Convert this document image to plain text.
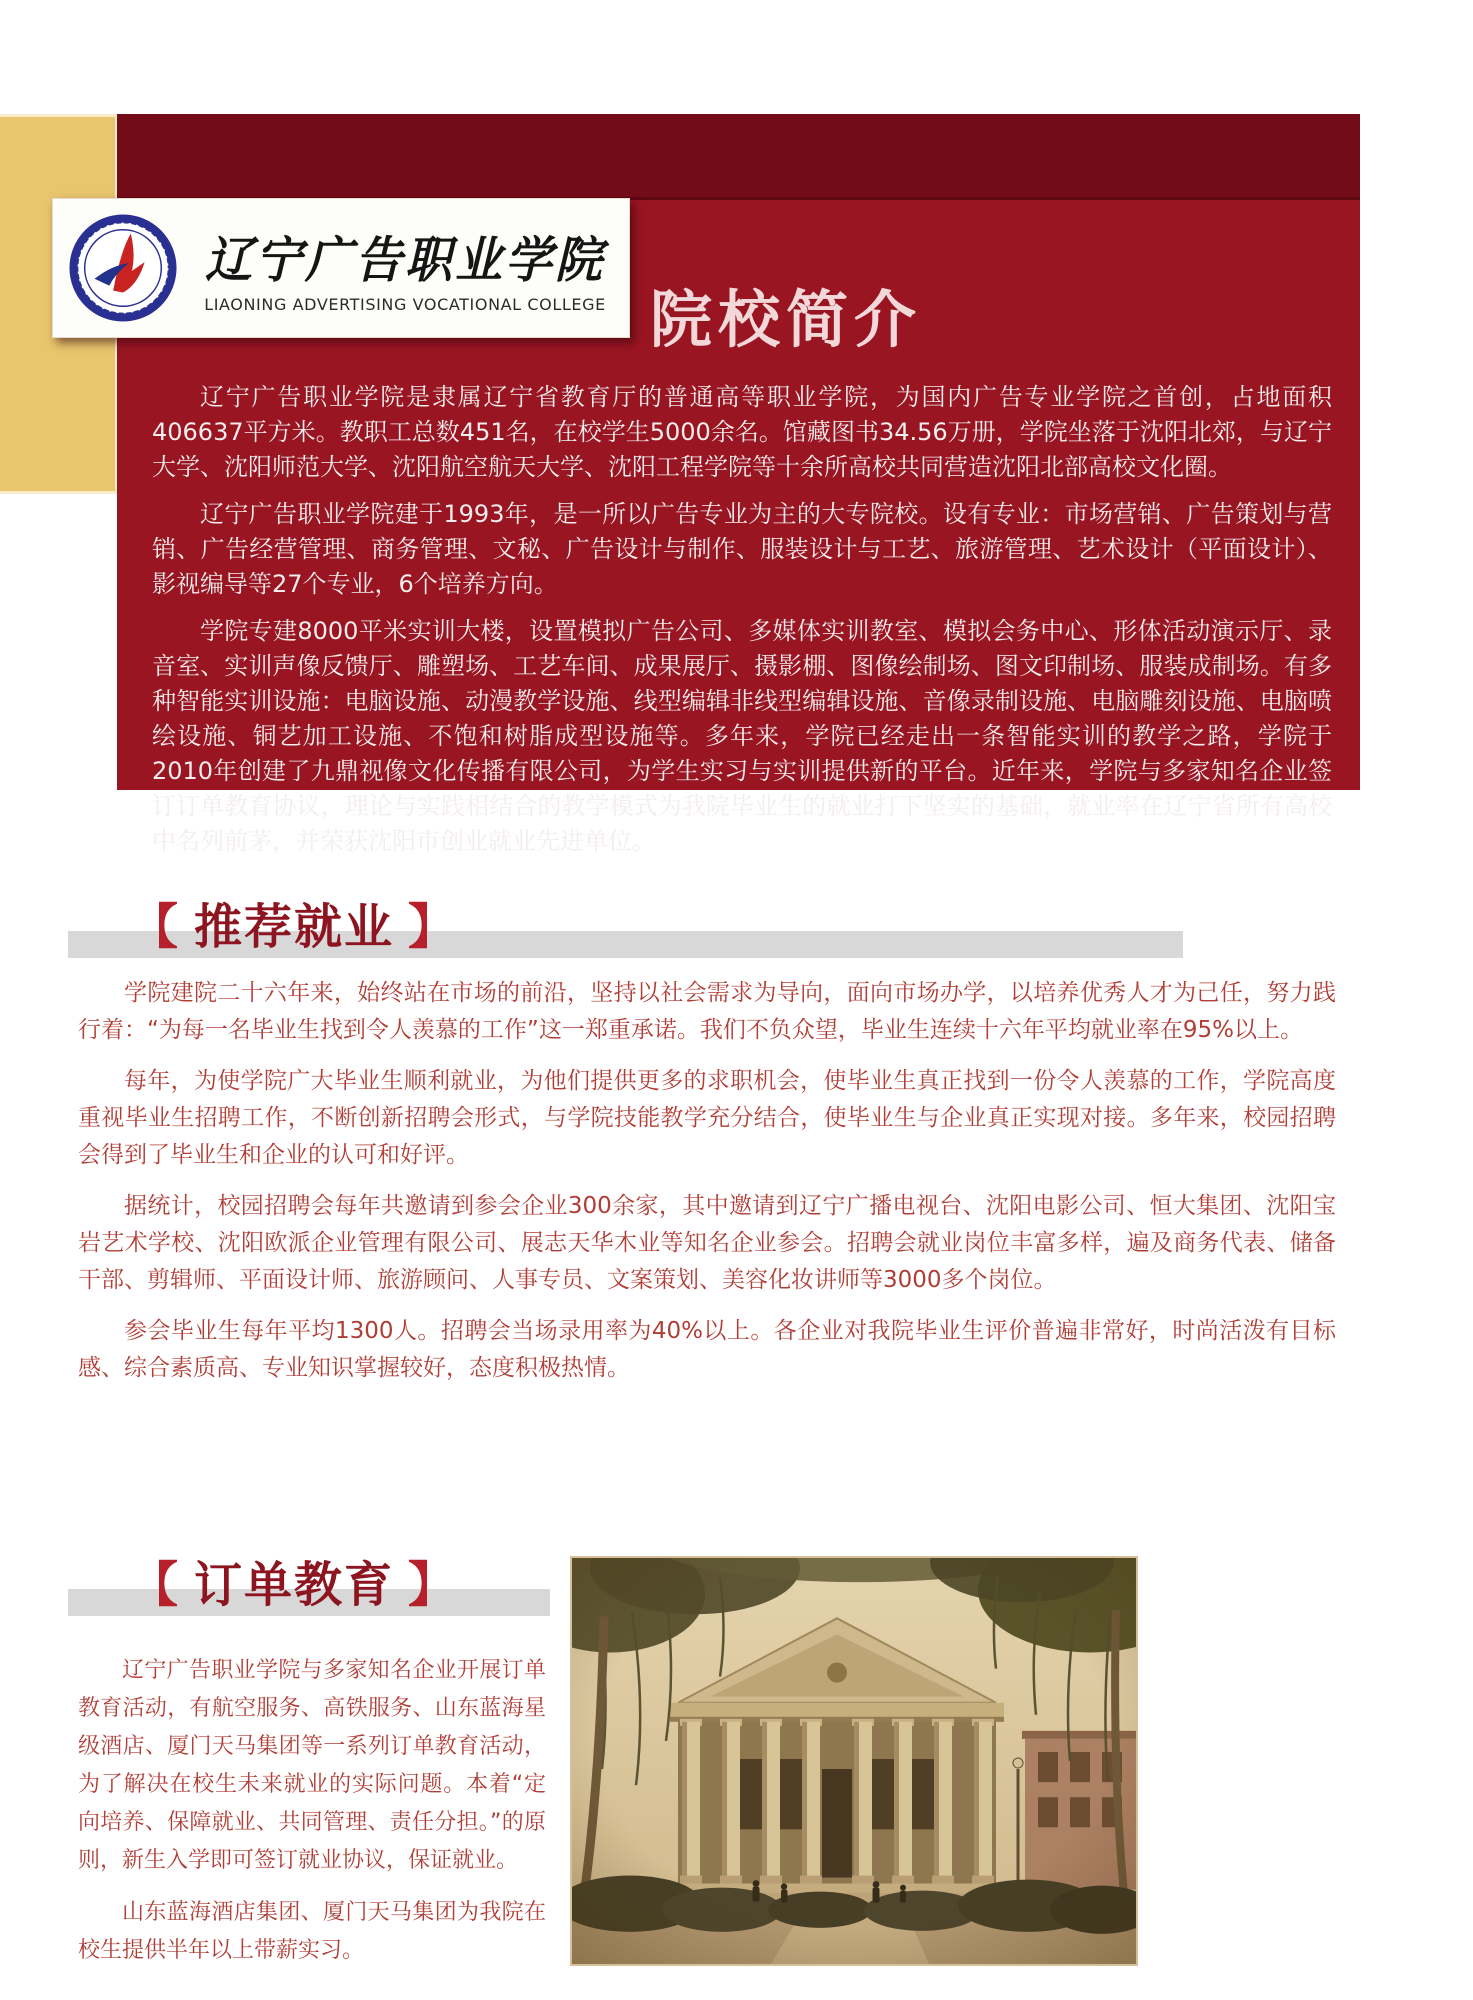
院校简介

辽宁广告职业学院是隶属辽宁省教育厅的普通高等职业学院，为国内广告专业学院之首创，占地面积406637平方米。教职工总数451名，在校学生5000余名。馆藏图书34.56万册，学院坐落于沈阳北郊，与辽宁大学、沈阳师范大学、沈阳航空航天大学、沈阳工程学院等十余所高校共同营造沈阳北部高校文化圈。

辽宁广告职业学院建于1993年，是一所以广告专业为主的大专院校。设有专业：市场营销、广告策划与营销、广告经营管理、商务管理、文秘、广告设计与制作、服装设计与工艺、旅游管理、艺术设计（平面设计）、影视编导等27个专业，6个培养方向。

学院专建8000平米实训大楼，设置模拟广告公司、多媒体实训教室、模拟会务中心、形体活动演示厅、录音室、实训声像反馈厅、雕塑场、工艺车间、成果展厅、摄影棚、图像绘制场、图文印制场、服装成制场。有多种智能实训设施：电脑设施、动漫教学设施、线型编辑非线型编辑设施、音像录制设施、电脑雕刻设施、电脑喷绘设施、铜艺加工设施、不饱和树脂成型设施等。多年来，学院已经走出一条智能实训的教学之路，学院于2010年创建了九鼎视像文化传播有限公司，为学生实习与实训提供新的平台。近年来，学院与多家知名企业签订订单教育协议，理论与实践相结合的教学模式为我院毕业生的就业打下坚实的基础，就业率在辽宁省所有高校中名列前茅，并荣获沈阳市创业就业先进单位。

辽宁广告职业学院
LIAONING ADVERTISING VOCATIONAL COLLEGE
【 推荐就业 】

学院建院二十六年来，始终站在市场的前沿，坚持以社会需求为导向，面向市场办学，以培养优秀人才为己任，努力践行着：“为每一名毕业生找到令人羡慕的工作”这一郑重承诺。我们不负众望，毕业生连续十六年平均就业率在95%以上。

每年，为使学院广大毕业生顺利就业，为他们提供更多的求职机会，使毕业生真正找到一份令人羡慕的工作，学院高度重视毕业生招聘工作，不断创新招聘会形式，与学院技能教学充分结合，使毕业生与企业真正实现对接。多年来，校园招聘会得到了毕业生和企业的认可和好评。

据统计，校园招聘会每年共邀请到参会企业300余家，其中邀请到辽宁广播电视台、沈阳电影公司、恒大集团、沈阳宝岩艺术学校、沈阳欧派企业管理有限公司、展志天华木业等知名企业参会。招聘会就业岗位丰富多样，遍及商务代表、储备干部、剪辑师、平面设计师、旅游顾问、人事专员、文案策划、美容化妆讲师等3000多个岗位。

参会毕业生每年平均1300人。招聘会当场录用率为40%以上。各企业对我院毕业生评价普遍非常好，时尚活泼有目标感、综合素质高、专业知识掌握较好，态度积极热情。

【 订单教育 】

辽宁广告职业学院与多家知名企业开展订单教育活动，有航空服务、高铁服务、山东蓝海星级酒店、厦门天马集团等一系列订单教育活动，为了解决在校生未来就业的实际问题。本着“定向培养、保障就业、共同管理、责任分担。”的原则，新生入学即可签订就业协议，保证就业。

山东蓝海酒店集团、厦门天马集团为我院在校生提供半年以上带薪实习。
